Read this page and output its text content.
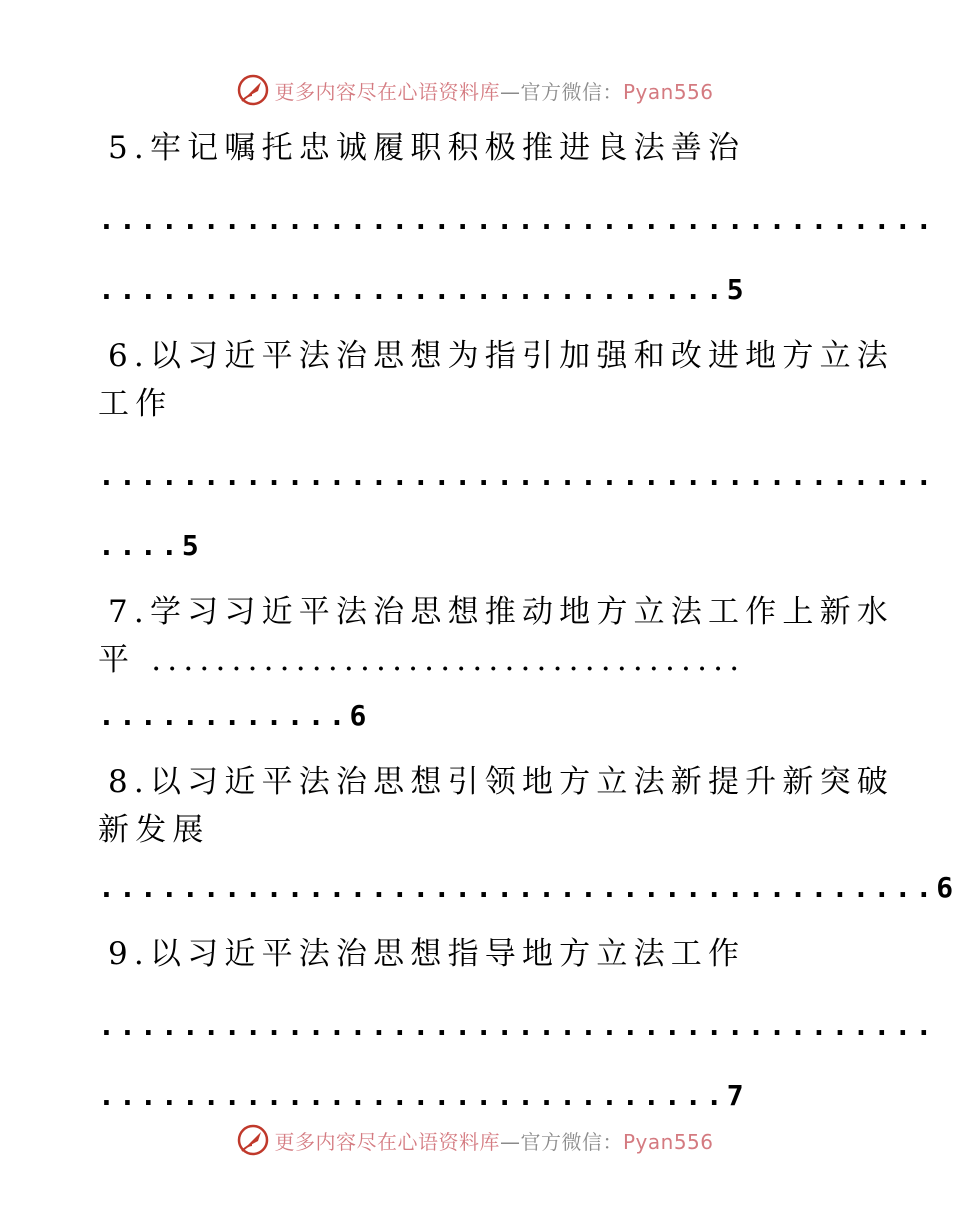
更多内容尽在心语资料库—官方微信：Pyan556
5.牢记嘱托忠诚履职积极推进良法善治
........................................
..............................5
6.以习近平法治思想为指引加强和改进地方立法
工作
........................................
....5
7.学习习近平法治思想推动地方立法工作上新水
平 .....................................
............6
8.以习近平法治思想引领地方立法新提升新突破
新发展
........................................6
9.以习近平法治思想指导地方立法工作
........................................
..............................7
更多内容尽在心语资料库—官方微信：Pyan556
